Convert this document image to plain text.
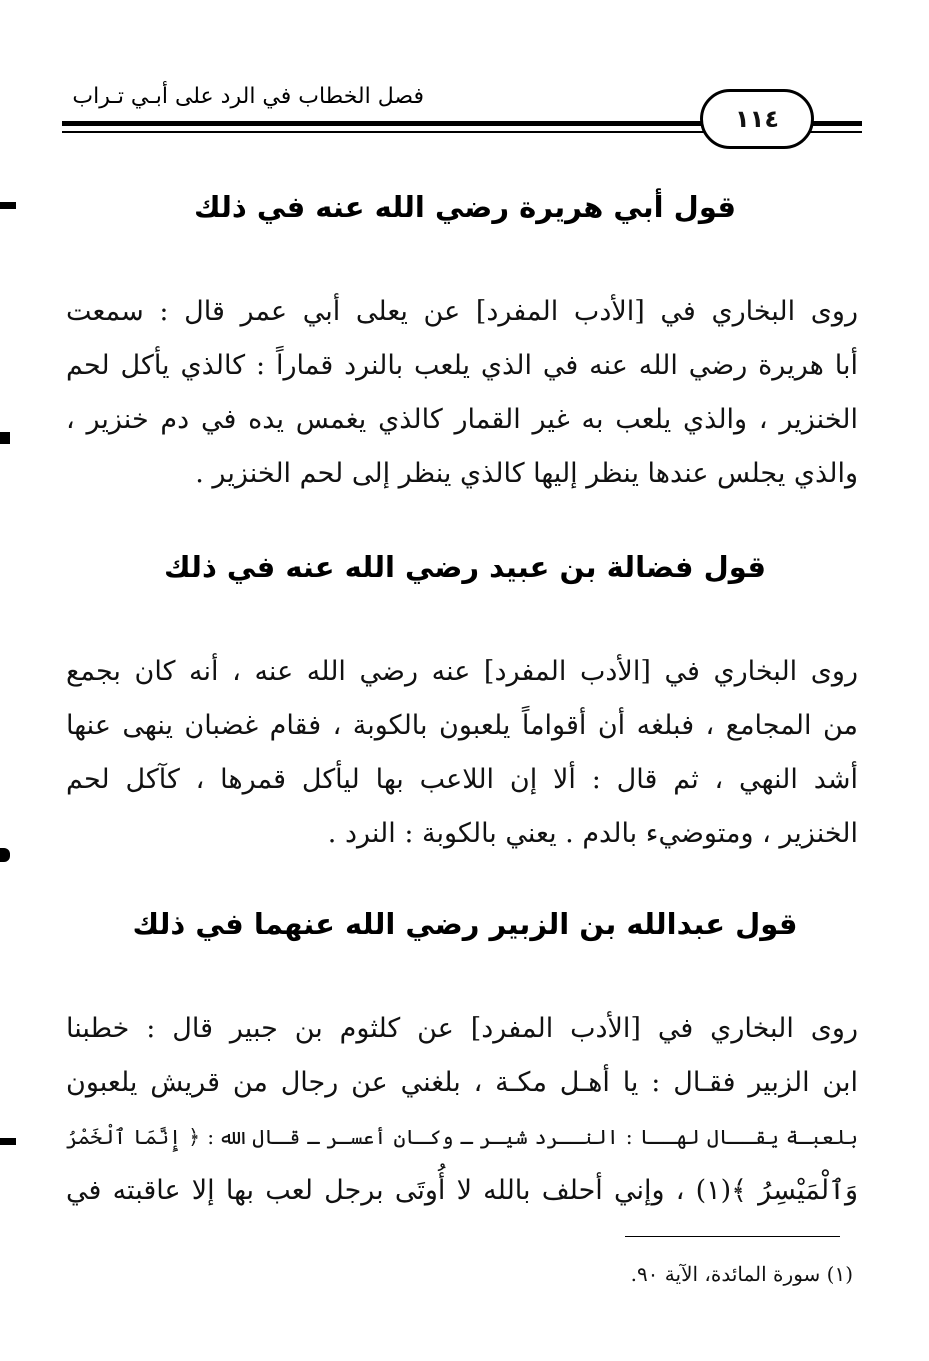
فصل الخطاب في الرد على أبـي تـراب
١١٤
قول أبي هريرة رضي الله عنه في ذلك
روى البخاري في [الأدب المفرد] عن يعلى أبي عمر قال : سمعت
أبا هريرة رضي الله عنه في الذي يلعب بالنرد قماراً : كالذي يأكل لحم
الخنزير ، والذي يلعب به غير القمار كالذي يغمس يده في دم خنزير ،
والذي يجلس عندها ينظر إليها كالذي ينظر إلى لحم الخنزير .
قول فضالة بن عبيد رضي الله عنه في ذلك
روى البخاري في [الأدب المفرد] عنه رضي الله عنه ، أنه كان بجمع
من المجامع ، فبلغه أن أقواماً يلعبون بالكوبة ، فقام غضبان ينهى عنها
أشد النهي ، ثم قال : ألا إن اللاعب بها ليأكل قمرها ، كآكل لحم
الخنزير ، ومتوضيء بالدم . يعني بالكوبة : النرد .
قول عبدالله بن الزبير رضي الله عنهما في ذلك
روى البخاري في [الأدب المفرد] عن كلثوم بن جبير قال : خطبنا
ابن الزبير فقـال : يا أهـل مكـة ، بلغني عن رجال من قريش يلعبون
بلعبـة يقــال لهــا : النــرد شيـر ـ وكـان أعسـر ـ قـال الله : ﴿ إِنَّمَا ٱلْخَمْرُ
وَٱلْمَيْسِرُ ﴾(١) ، وإني أحلف بالله لا أُوتَى برجل لعب بها إلا عاقبته في
(١) سورة المائدة، الآية ٩٠.
